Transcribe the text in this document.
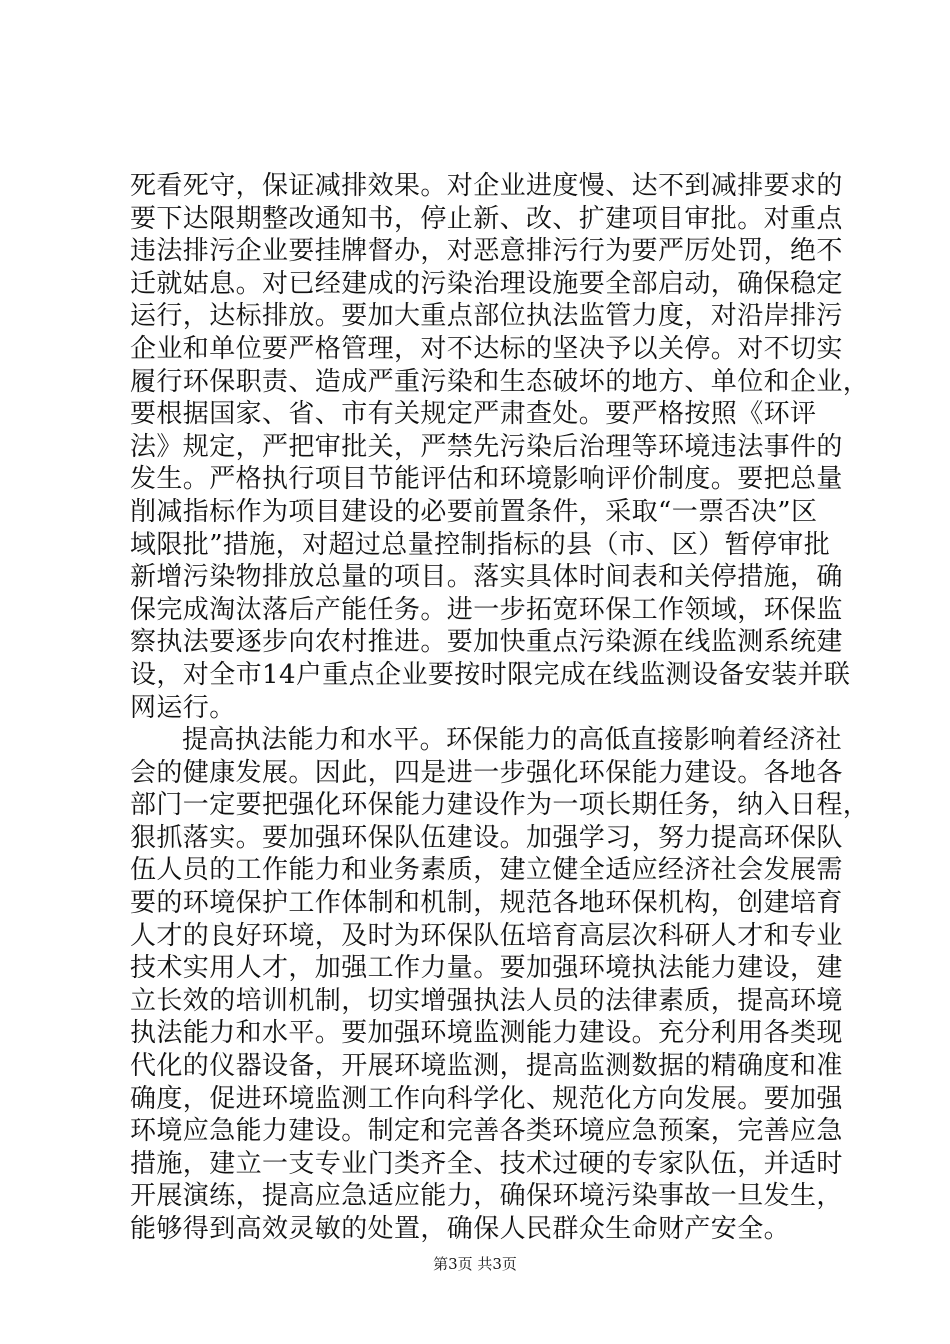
死看死守，保证减排效果。对企业进度慢、达不到减排要求的
要下达限期整改通知书，停止新、改、扩建项目审批。对重点
违法排污企业要挂牌督办，对恶意排污行为要严厉处罚，绝不
迁就姑息。对已经建成的污染治理设施要全部启动，确保稳定
运行，达标排放。要加大重点部位执法监管力度，对沿岸排污
企业和单位要严格管理，对不达标的坚决予以关停。对不切实
履行环保职责、造成严重污染和生态破坏的地方、单位和企业，
要根据国家、省、市有关规定严肃查处。要严格按照《环评
法》规定，严把审批关，严禁先污染后治理等环境违法事件的
发生。严格执行项目节能评估和环境影响评价制度。要把总量
削减指标作为项目建设的必要前置条件，采取“一票否决”区
域限批”措施，对超过总量控制指标的县（市、区）暂停审批
新增污染物排放总量的项目。落实具体时间表和关停措施，确
保完成淘汰落后产能任务。进一步拓宽环保工作领域，环保监
察执法要逐步向农村推进。要加快重点污染源在线监测系统建
设，对全市14户重点企业要按时限完成在线监测设备安装并联
网运行。
提高执法能力和水平。环保能力的高低直接影响着经济社
会的健康发展。因此，四是进一步强化环保能力建设。各地各
部门一定要把强化环保能力建设作为一项长期任务，纳入日程，
狠抓落实。要加强环保队伍建设。加强学习，努力提高环保队
伍人员的工作能力和业务素质，建立健全适应经济社会发展需
要的环境保护工作体制和机制，规范各地环保机构，创建培育
人才的良好环境，及时为环保队伍培育高层次科研人才和专业
技术实用人才，加强工作力量。要加强环境执法能力建设，建
立长效的培训机制，切实增强执法人员的法律素质，提高环境
执法能力和水平。要加强环境监测能力建设。充分利用各类现
代化的仪器设备，开展环境监测，提高监测数据的精确度和准
确度，促进环境监测工作向科学化、规范化方向发展。要加强
环境应急能力建设。制定和完善各类环境应急预案，完善应急
措施，建立一支专业门类齐全、技术过硬的专家队伍，并适时
开展演练，提高应急适应能力，确保环境污染事故一旦发生，
能够得到高效灵敏的处置，确保人民群众生命财产安全。
第3页 共3页
